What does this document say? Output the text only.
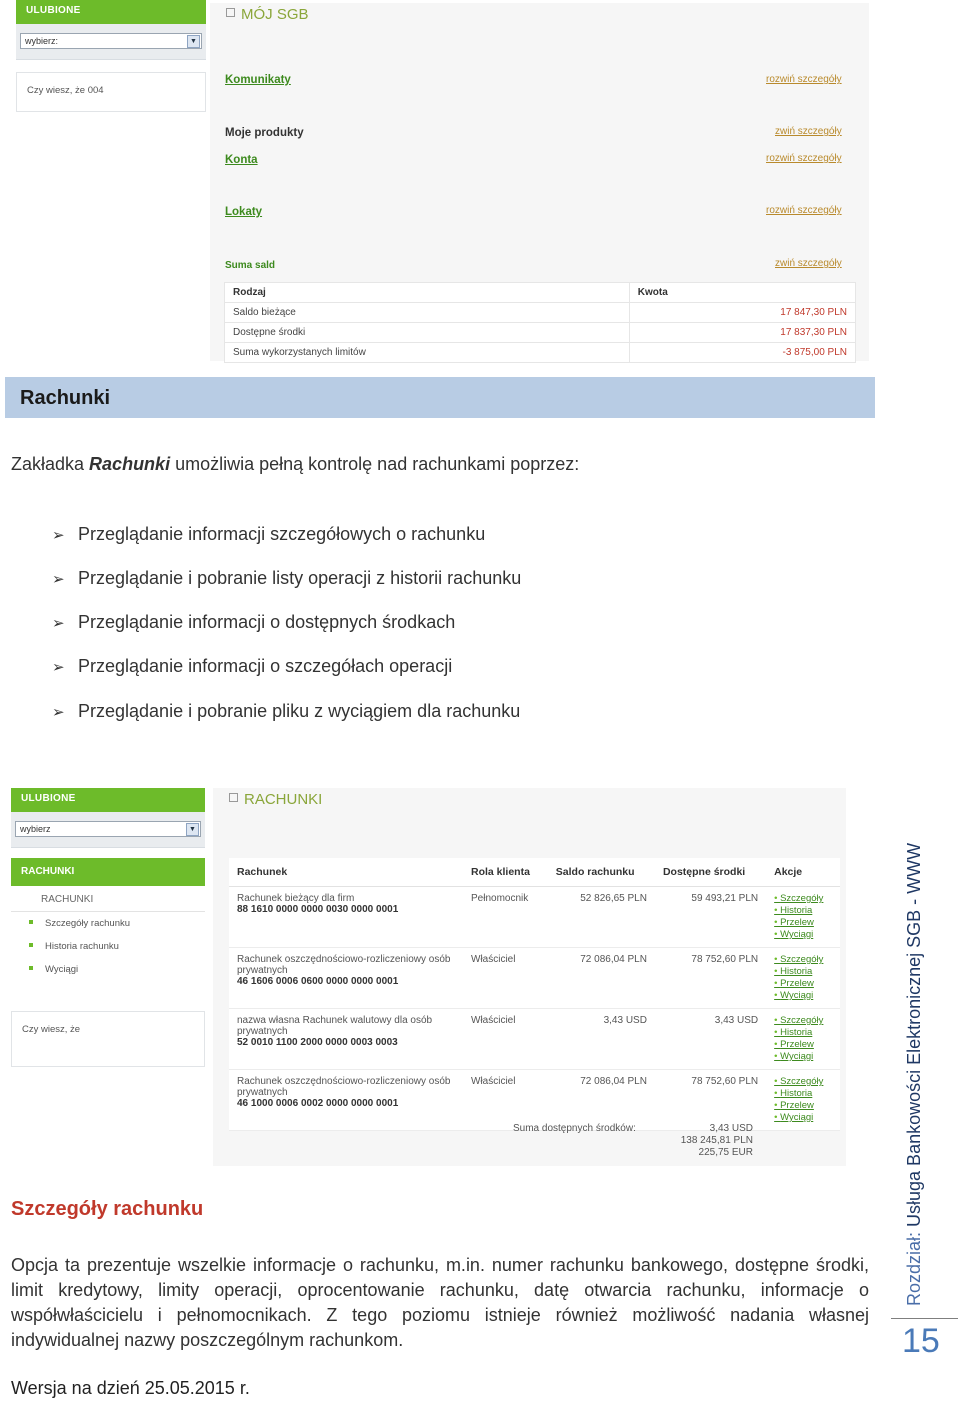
ULUBIONE
wybierz:	▼
Czy wiesz, że 004
MÓJ SGB
Komunikaty	rozwiń szczegóły
Moje produkty	zwiń szczegóły
Konta	rozwiń szczegóły
Lokaty	rozwiń szczegóły
Suma sald	zwiń szczegóły
Rodzaj	Kwota
Saldo bieżące	17 847,30 PLN
Dostępne środki	17 837,30 PLN
Suma wykorzystanych limitów	-3 875,00 PLN
Rachunki
Zakładka Rachunki umożliwia pełną kontrolę nad rachunkami poprzez:
➢ Przeglądanie informacji szczegółowych o rachunku
➢ Przeglądanie i pobranie listy operacji z historii rachunku
➢ Przeglądanie informacji o dostępnych środkach
➢ Przeglądanie informacji o szczegółach operacji
➢ Przeglądanie i pobranie pliku z wyciągiem dla rachunku
ULUBIONE
wybierz	▼
RACHUNKI
RACHUNKI
Szczegóły rachunku
Historia rachunku
Wyciągi
Czy wiesz, że
RACHUNKI
Rachunek	Rola klienta	Saldo rachunku	Dostępne środki	Akcje
Rachunek bieżący dla firm
88 1610 0000 0000 0030 0000 0001	Pełnomocnik	52 826,65 PLN	59 493,21 PLN	• Szczegóły
• Historia
• Przelew
• Wyciągi

Rachunek oszczędnościowo-rozliczeniowy osób prywatnych
46 1606 0006 0600 0000 0000 0001	Właściciel	72 086,04 PLN	78 752,60 PLN	• Szczegóły
• Historia
• Przelew
• Wyciągi

nazwa własna Rachunek walutowy dla osób prywatnych
52 0010 1100 2000 0000 0003 0003	Właściciel	3,43 USD	3,43 USD	• Szczegóły
• Historia
• Przelew
• Wyciągi

Rachunek oszczędnościowo-rozliczeniowy osób prywatnych
46 1000 0006 0002 0000 0000 0001	Właściciel	72 086,04 PLN	78 752,60 PLN	• Szczegóły
• Historia
• Przelew
• Wyciągi
Suma dostępnych środków:	3,43 USD
138 245,81 PLN
225,75 EUR
Szczegóły rachunku
Opcja ta prezentuje wszelkie informacje o rachunku, m.in. numer rachunku bankowego, dostępne środki, limit kredytowy, limity operacji, oprocentowanie rachunku, datę otwarcia rachunku, informacje o współwłaścicielu i pełnomocnikach. Z tego poziomu istnieje również możliwość nadania własnej indywidualnej nazwy poszczególnym rachunkom.
Wersja na dzień 25.05.2015 r.
Rozdział: Usługa Bankowości Elektronicznej SGB - WWW
15
